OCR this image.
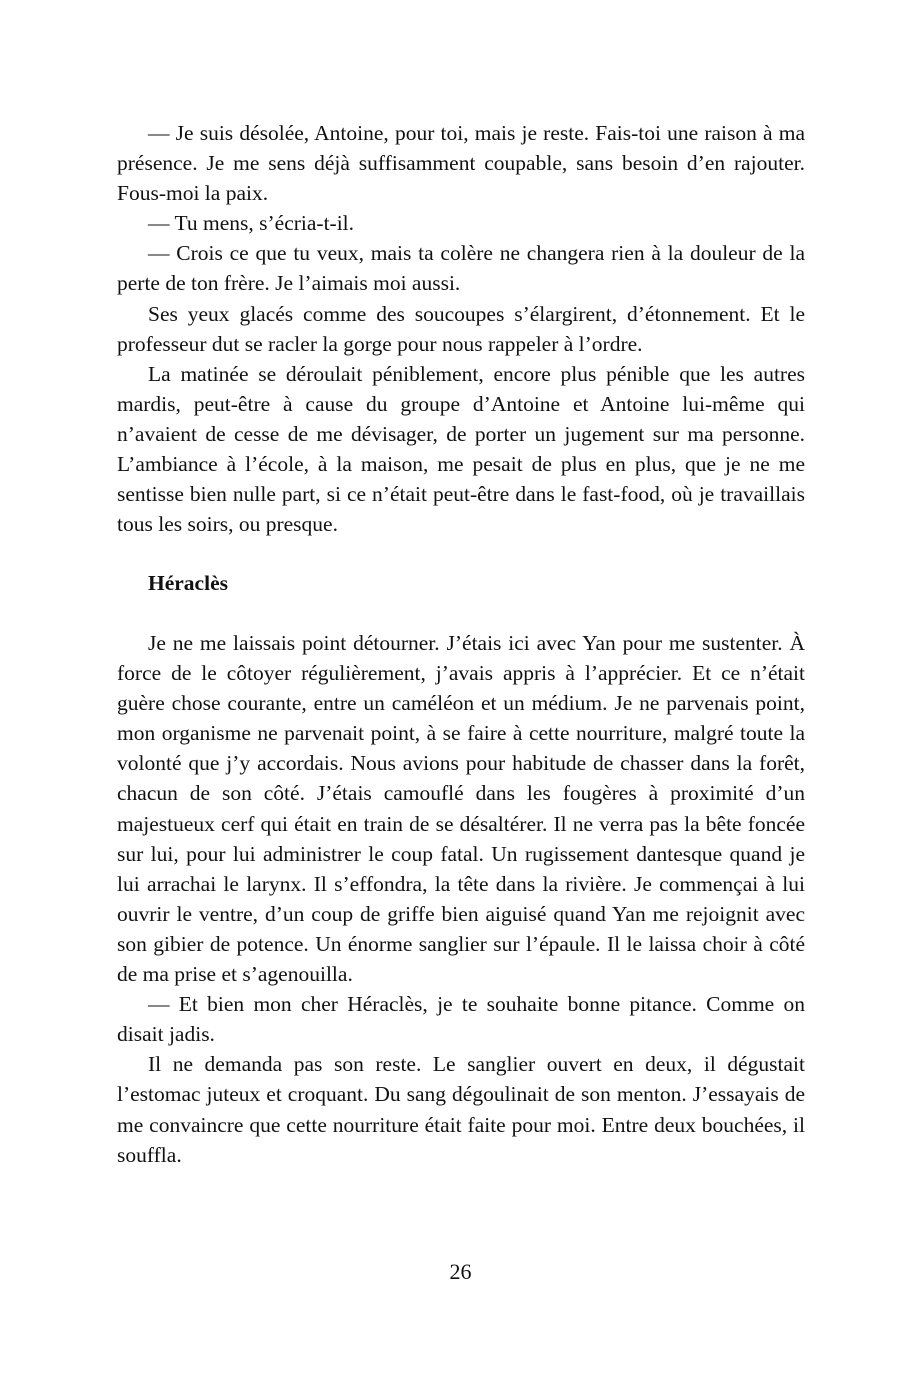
— Je suis désolée, Antoine, pour toi, mais je reste. Fais-toi une raison à ma présence. Je me sens déjà suffisamment coupable, sans besoin d’en rajouter. Fous-moi la paix.

— Tu mens, s’écria-t-il.

— Crois ce que tu veux, mais ta colère ne changera rien à la douleur de la perte de ton frère. Je l’aimais moi aussi.

Ses yeux glacés comme des soucoupes s’élargirent, d’étonnement. Et le professeur dut se racler la gorge pour nous rappeler à l’ordre.

La matinée se déroulait péniblement, encore plus pénible que les autres mardis, peut-être à cause du groupe d’Antoine et Antoine lui-même qui n’avaient de cesse de me dévisager, de porter un jugement sur ma personne. L’ambiance à l’école, à la maison, me pesait de plus en plus, que je ne me sentisse bien nulle part, si ce n’était peut-être dans le fast-food, où je travaillais tous les soirs, ou presque.

Héraclès

Je ne me laissais point détourner. J’étais ici avec Yan pour me sustenter. À force de le côtoyer régulièrement, j’avais appris à l’apprécier. Et ce n’était guère chose courante, entre un caméléon et un médium. Je ne parvenais point, mon organisme ne parvenait point, à se faire à cette nourriture, malgré toute la volonté que j’y accordais. Nous avions pour habitude de chasser dans la forêt, chacun de son côté. J’étais camouflé dans les fougères à proximité d’un majestueux cerf qui était en train de se désaltérer. Il ne verra pas la bête foncée sur lui, pour lui administrer le coup fatal. Un rugissement dantesque quand je lui arrachai le larynx. Il s’effondra, la tête dans la rivière. Je commençai à lui ouvrir le ventre, d’un coup de griffe bien aiguisé quand Yan me rejoignit avec son gibier de potence. Un énorme sanglier sur l’épaule. Il le laissa choir à côté de ma prise et s’agenouilla.

— Et bien mon cher Héraclès, je te souhaite bonne pitance. Comme on disait jadis.

Il ne demanda pas son reste. Le sanglier ouvert en deux, il dégustait l’estomac juteux et croquant. Du sang dégoulinait de son menton. J’essayais de me convaincre que cette nourriture était faite pour moi. Entre deux bouchées, il souffla.

26
